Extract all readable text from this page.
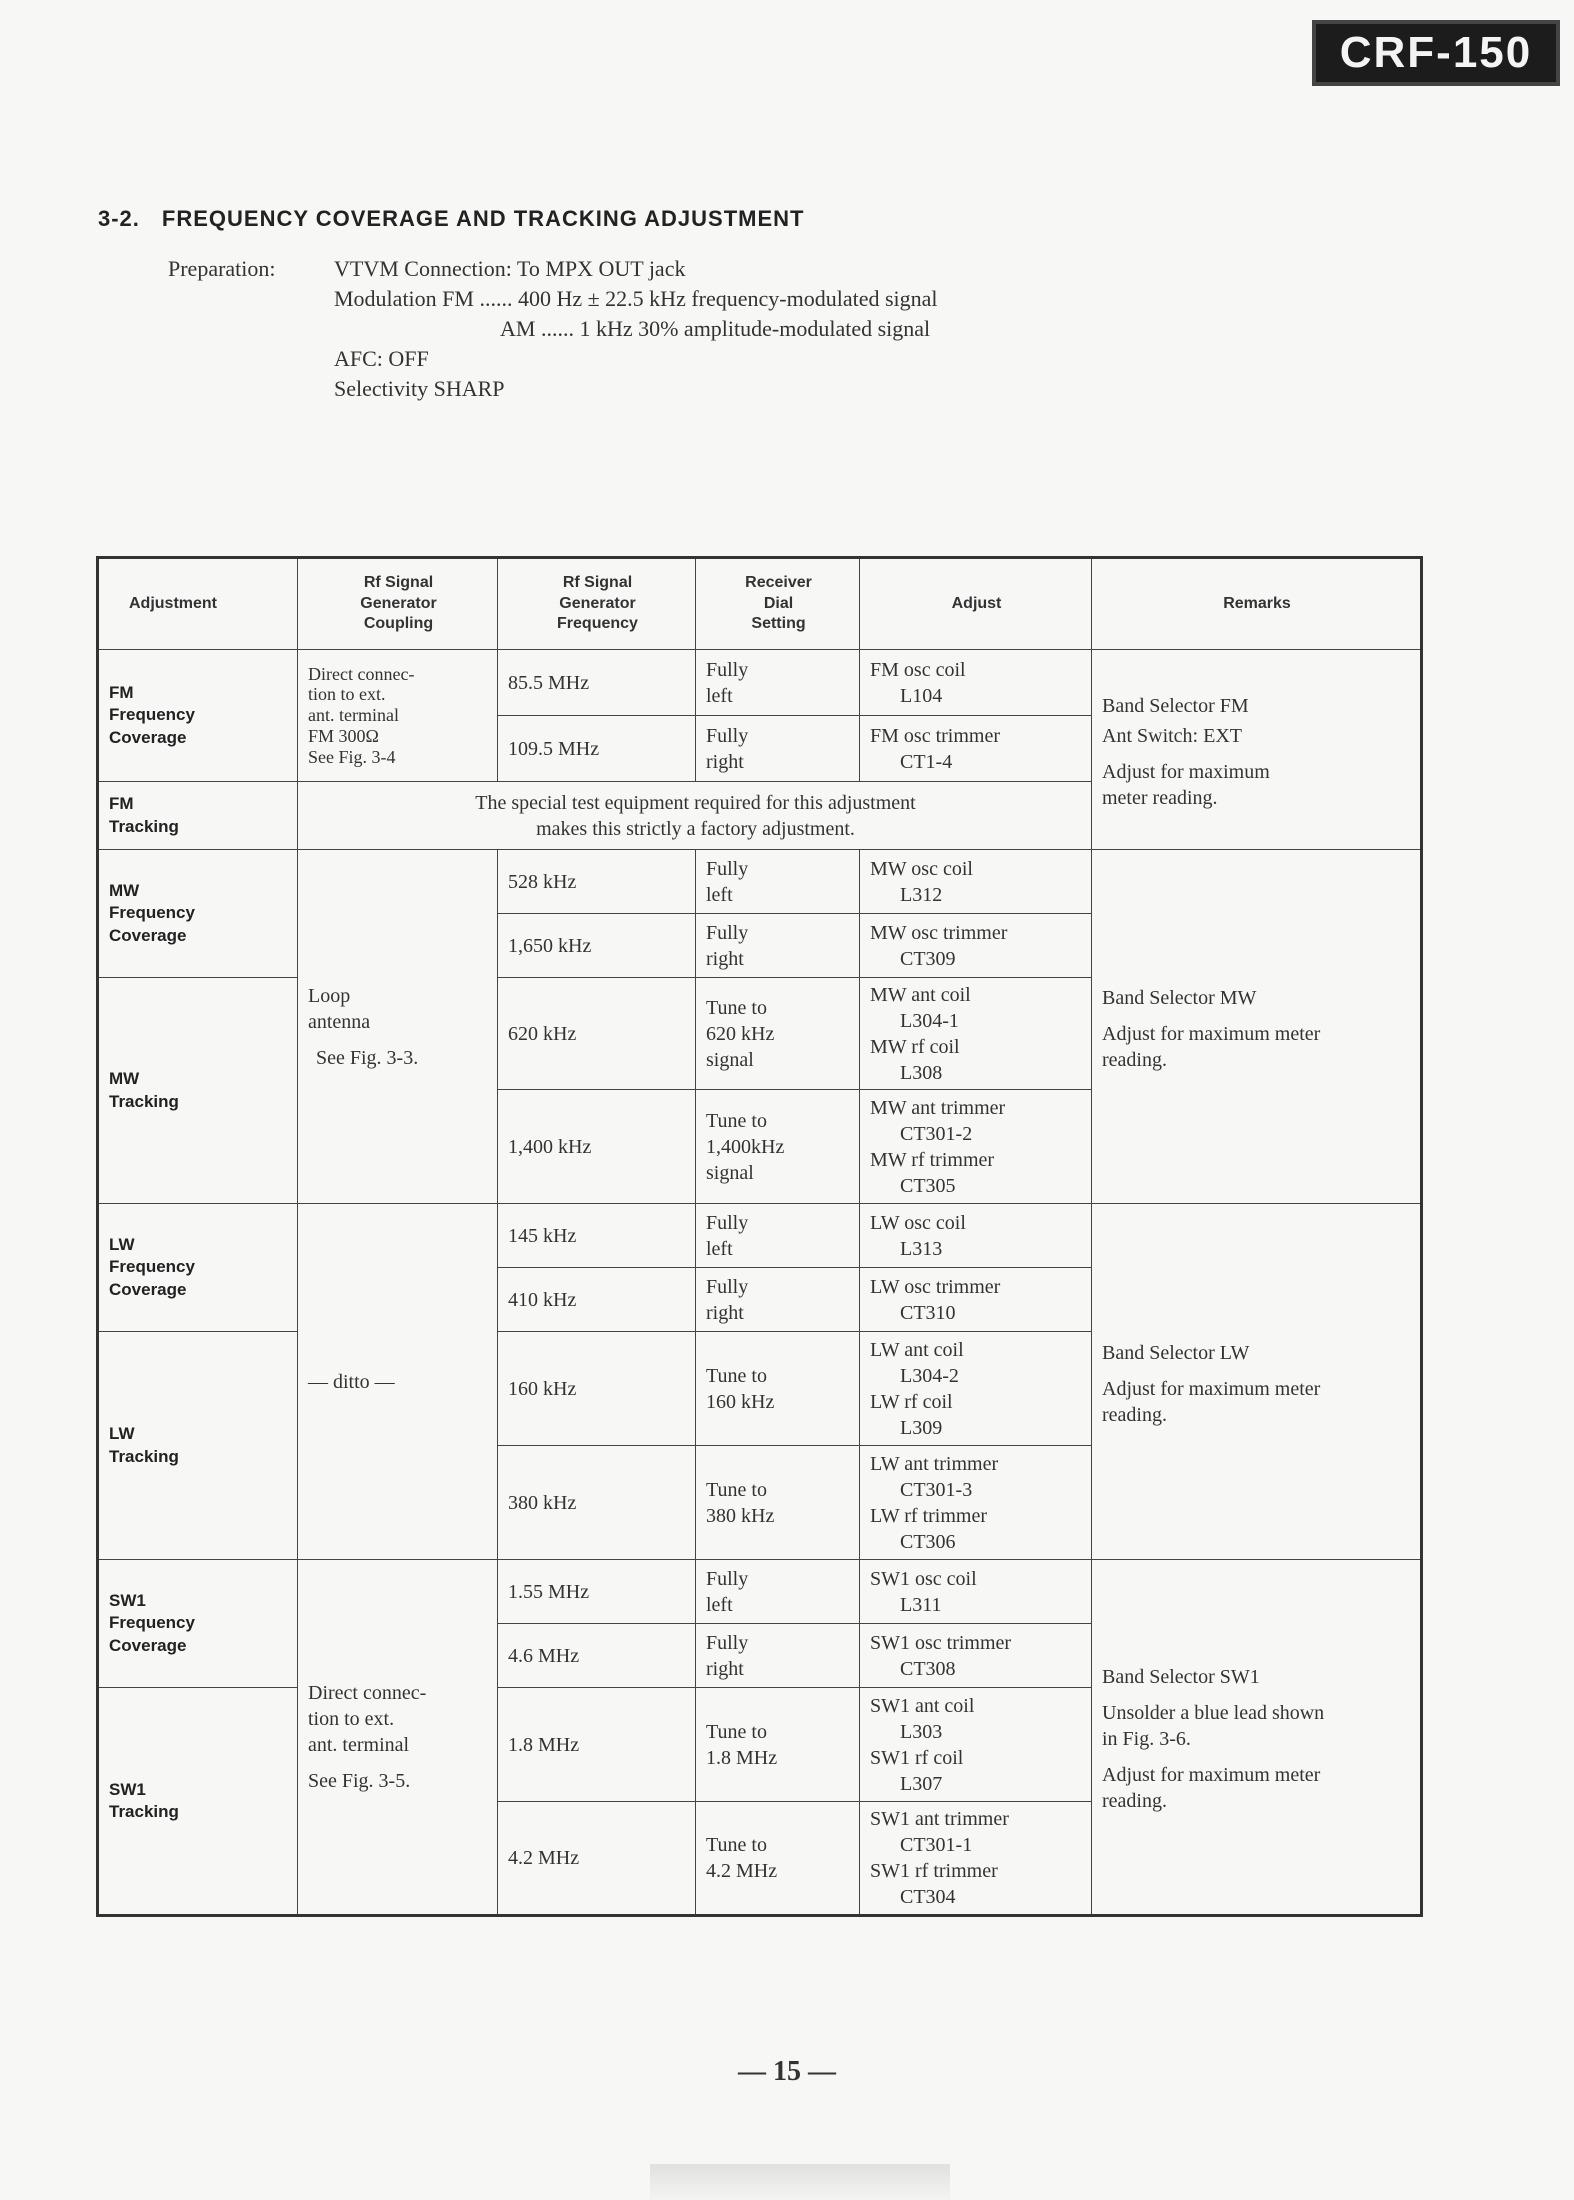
CRF-150
3-2. FREQUENCY COVERAGE AND TRACKING ADJUSTMENT
Preparation:	VTVM Connection: To MPX OUT jack
Modulation FM ...... 400 Hz ± 22.5 kHz frequency-modulated signal
AM ...... 1 kHz 30% amplitude-modulated signal
AFC: OFF
Selectivity SHARP
Adjustment	Rf Signal
Generator
Coupling	Rf Signal
Generator
Frequency	Receiver
Dial
Setting	Adjust	Remarks

FM
Frequency
Coverage	Direct connec-
tion to ext.
ant. terminal
FM 300Ω
See Fig. 3-4	85.5 MHz	Fully
left	FM osc coil
L104	Band Selector FM
Ant Switch: EXT
Adjust for maximum
meter reading.

		109.5 MHz	Fully
right	FM osc trimmer
CT1-4	

FM
Tracking	The special test equipment required for this adjustment
makes this strictly a factory adjustment.				

MW
Frequency
Coverage	Loop
antenna
See Fig. 3-3.	528 kHz	Fully
left	MW osc coil
L312	Band Selector MW
Adjust for maximum meter
reading.

		1,650 kHz	Fully
right	MW osc trimmer
CT309	

MW
Tracking		620 kHz	Tune to
620 kHz
signal	MW ant coil
L304-1
MW rf coil
L308	

		1,400 kHz	Tune to
1,400kHz
signal	MW ant trimmer
CT301-2
MW rf trimmer
CT305	

LW
Frequency
Coverage	— ditto —	145 kHz	Fully
left	LW osc coil
L313	Band Selector LW
Adjust for maximum meter
reading.

		410 kHz	Fully
right	LW osc trimmer
CT310	

LW
Tracking		160 kHz	Tune to
160 kHz	LW ant coil
L304-2
LW rf coil
L309	

		380 kHz	Tune to
380 kHz	LW ant trimmer
CT301-3
LW rf trimmer
CT306	

SW1
Frequency
Coverage	Direct connec-
tion to ext.
ant. terminal
See Fig. 3-5.	1.55 MHz	Fully
left	SW1 osc coil
L311	Band Selector SW1
Unsolder a blue lead shown
in Fig. 3-6.
Adjust for maximum meter
reading.

		4.6 MHz	Fully
right	SW1 osc trimmer
CT308	

SW1
Tracking		1.8 MHz	Tune to
1.8 MHz	SW1 ant coil
L303
SW1 rf coil
L307	

		4.2 MHz	Tune to
4.2 MHz	SW1 ant trimmer
CT301-1
SW1 rf trimmer
CT304	
— 15 —
